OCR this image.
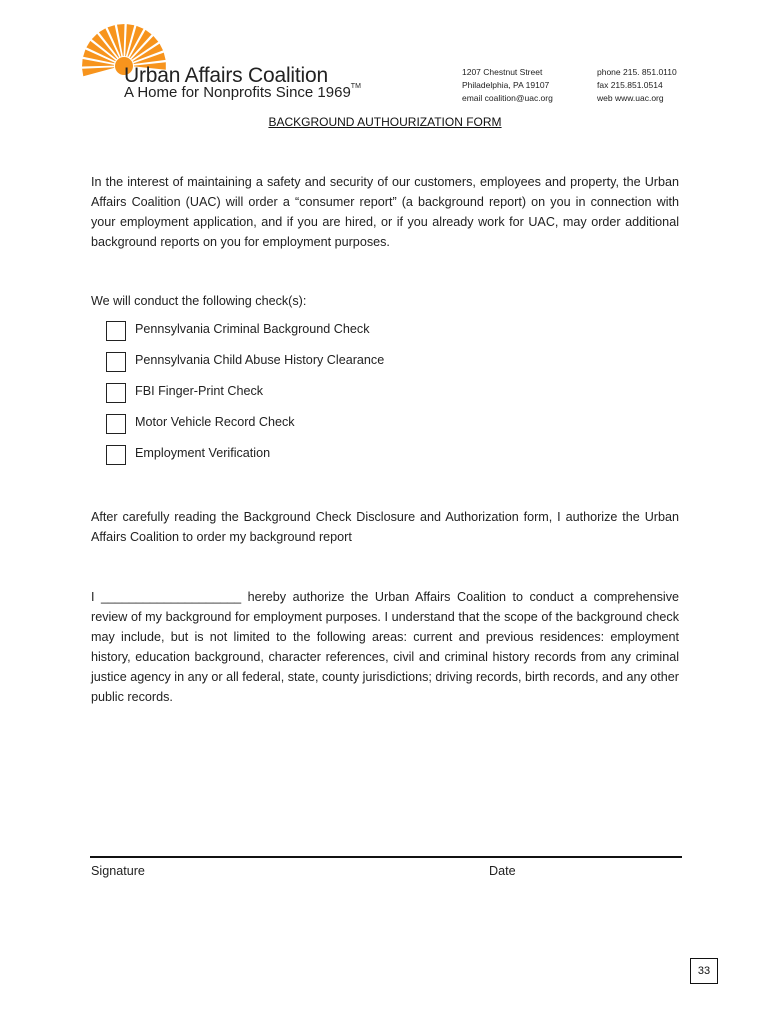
Urban Affairs Coalition
A Home for Nonprofits Since 1969™
1207 Chestnut Street
Philadelphia, PA 19107
email coalition@uac.org
phone 215. 851.0110
fax 215.851.0514
web www.uac.org
BACKGROUND AUTHOURIZATION FORM
In the interest of maintaining a safety and security of our customers, employees and property, the Urban Affairs Coalition (UAC) will order a “consumer report” (a background report) on you in connection with your employment application, and if you are hired, or if you already work for UAC, may order additional background reports on you for employment purposes.
We will conduct the following check(s):
Pennsylvania Criminal Background Check
Pennsylvania Child Abuse History Clearance
FBI Finger-Print Check
Motor Vehicle Record Check
Employment Verification
After carefully reading the Background Check Disclosure and Authorization form, I authorize the Urban Affairs Coalition to order my background report
I ____________________ hereby authorize the Urban Affairs Coalition to conduct a comprehensive review of my background for employment purposes. I understand that the scope of the background check may include, but is not limited to the following areas: current and previous residences: employment history, education background, character references, civil and criminal history records from any criminal justice agency in any or all federal, state, county jurisdictions; driving records, birth records, and any other public records.
Signature	Date
33
